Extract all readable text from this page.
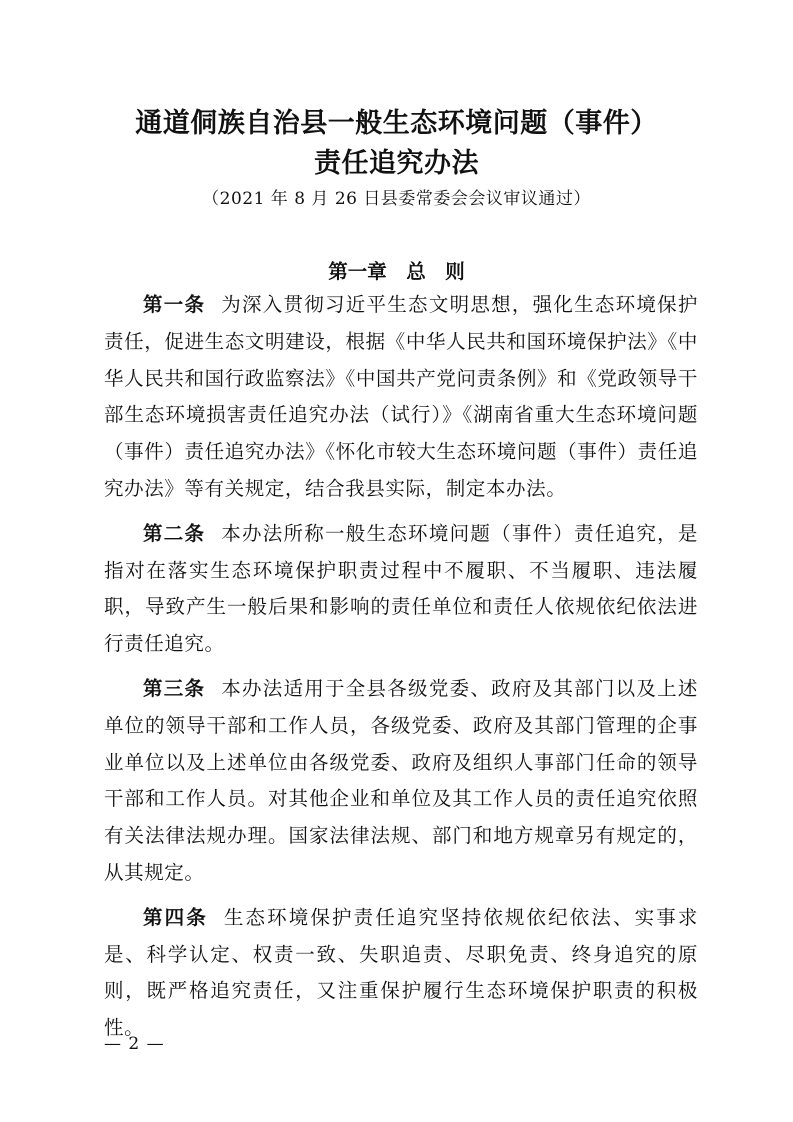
通道侗族自治县一般生态环境问题（事件）
责任追究办法
（2021 年 8 月 26 日县委常委会会议审议通过）
第一章　总　则

第一条 为深入贯彻习近平生态文明思想，强化生态环境保护责任，促进生态文明建设，根据《中华人民共和国环境保护法》《中华人民共和国行政监察法》《中国共产党问责条例》和《党政领导干部生态环境损害责任追究办法（试行）》《湖南省重大生态环境问题（事件）责任追究办法》《怀化市较大生态环境问题（事件）责任追究办法》等有关规定，结合我县实际，制定本办法。

第二条 本办法所称一般生态环境问题（事件）责任追究，是指对在落实生态环境保护职责过程中不履职、不当履职、违法履职，导致产生一般后果和影响的责任单位和责任人依规依纪依法进行责任追究。

第三条 本办法适用于全县各级党委、政府及其部门以及上述单位的领导干部和工作人员，各级党委、政府及其部门管理的企事业单位以及上述单位由各级党委、政府及组织人事部门任命的领导干部和工作人员。对其他企业和单位及其工作人员的责任追究依照有关法律法规办理。国家法律法规、部门和地方规章另有规定的，从其规定。

第四条 生态环境保护责任追究坚持依规依纪依法、实事求是、科学认定、权责一致、失职追责、尽职免责、终身追究的原则，既严格追究责任，又注重保护履行生态环境保护职责的积极性。

— 2 —
